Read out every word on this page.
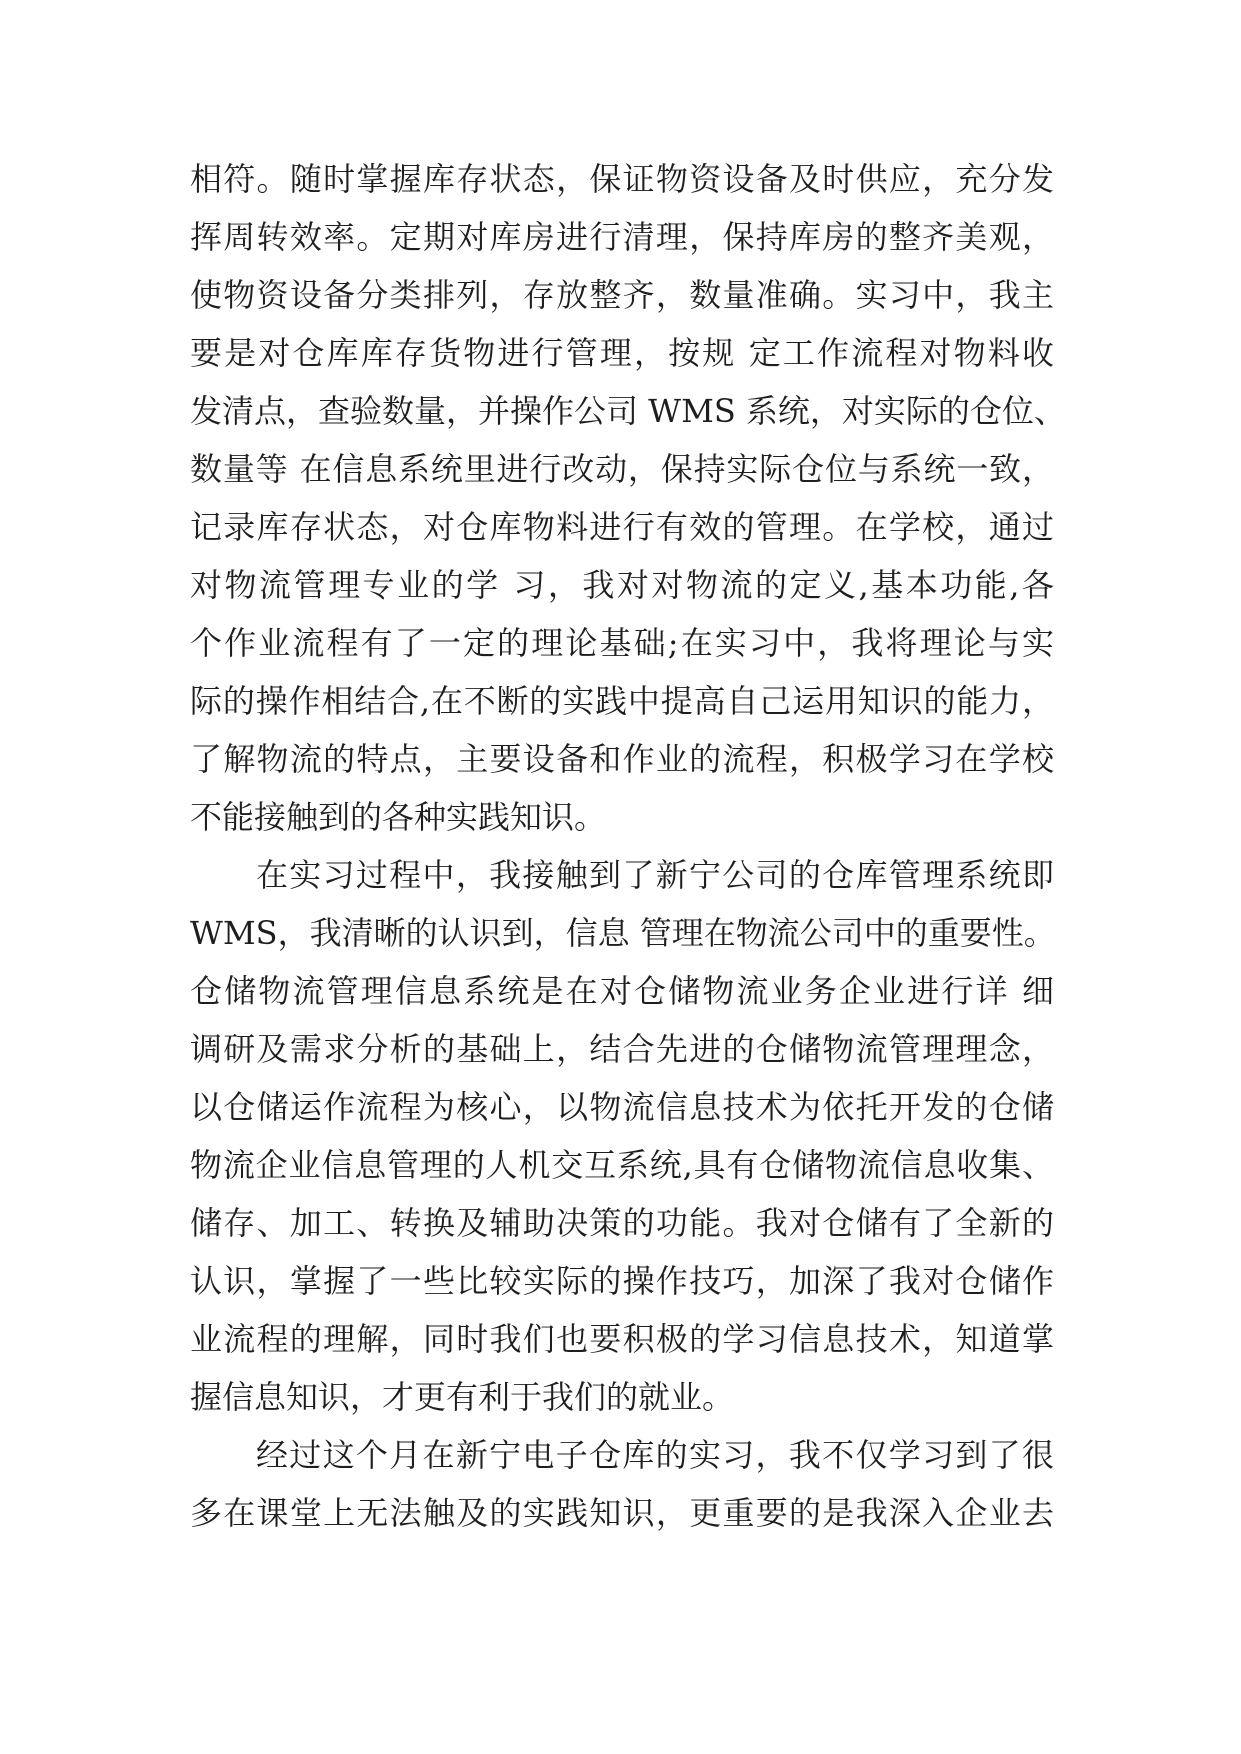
相符。随时掌握库存状态，保证物资设备及时供应，充分发
挥周转效率。定期对库房进行清理，保持库房的整齐美观，
使物资设备分类排列，存放整齐，数量准确。实习中，我主
要是对仓库库存货物进行管理，按规 定工作流程对物料收
发清点，查验数量，并操作公司 WMS 系统，对实际的仓位、
数量等 在信息系统里进行改动，保持实际仓位与系统一致，
记录库存状态，对仓库物料进行有效的管理。在学校，通过
对物流管理专业的学 习，我对对物流的定义,基本功能,各
个作业流程有了一定的理论基础;在实习中，我将理论与实
际的操作相结合,在不断的实践中提高自己运用知识的能力，
了解物流的特点，主要设备和作业的流程，积极学习在学校
不能接触到的各种实践知识。
在实习过程中，我接触到了新宁公司的仓库管理系统即
WMS，我清晰的认识到，信息 管理在物流公司中的重要性。
仓储物流管理信息系统是在对仓储物流业务企业进行详 细
调研及需求分析的基础上，结合先进的仓储物流管理理念，
以仓储运作流程为核心，以物流信息技术为依托开发的仓储
物流企业信息管理的人机交互系统,具有仓储物流信息收集、
储存、加工、转换及辅助决策的功能。我对仓储有了全新的
认识，掌握了一些比较实际的操作技巧，加深了我对仓储作
业流程的理解，同时我们也要积极的学习信息技术，知道掌
握信息知识，才更有利于我们的就业。
经过这个月在新宁电子仓库的实习，我不仅学习到了很
多在课堂上无法触及的实践知识，更重要的是我深入企业去
